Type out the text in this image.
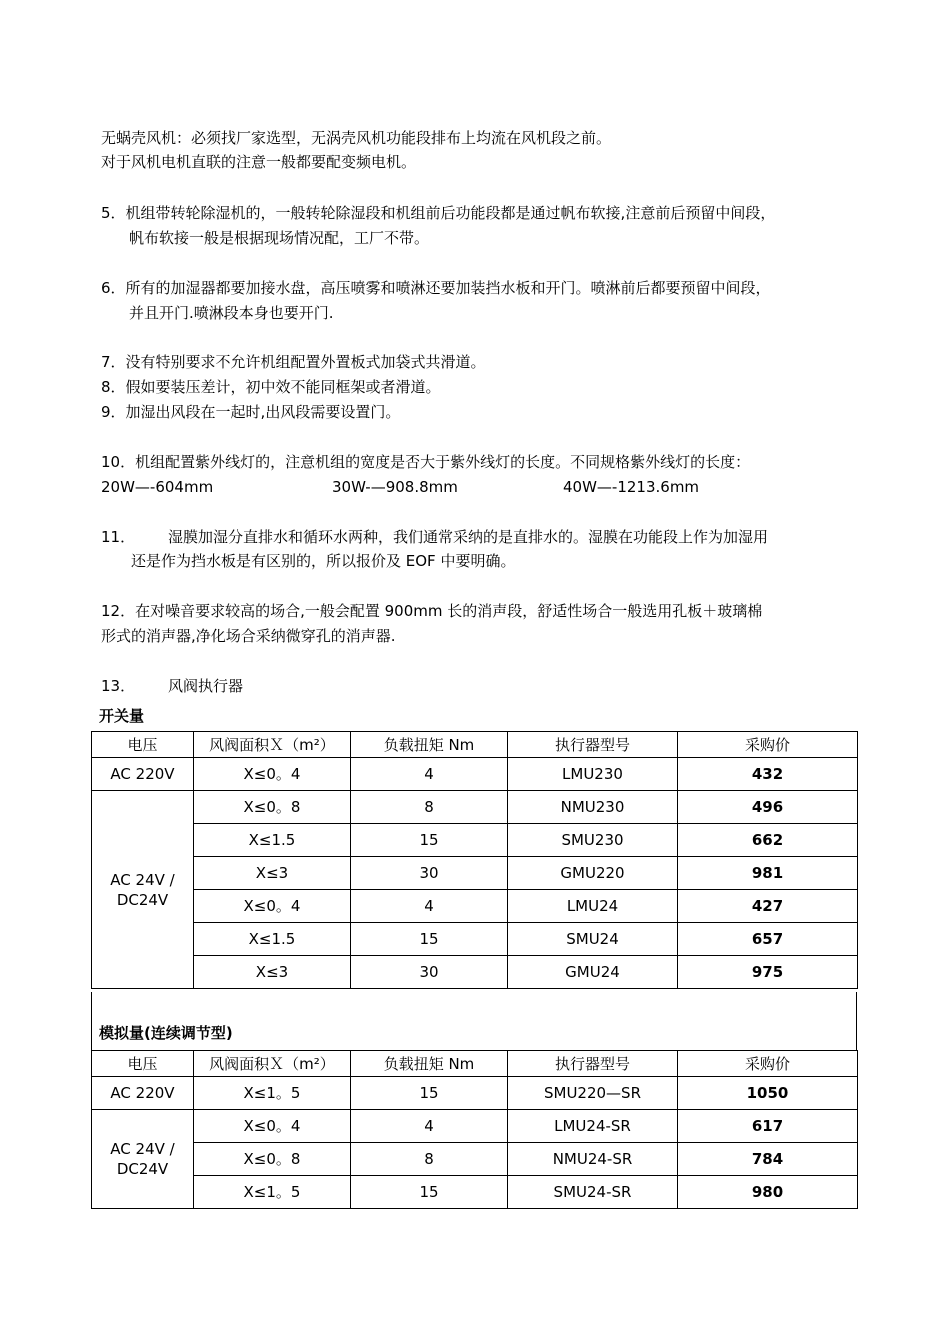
无蜗壳风机：必须找厂家选型，无涡壳风机功能段排布上均流在风机段之前。
对于风机电机直联的注意一般都要配变频电机。
5．机组带转轮除湿机的，一般转轮除湿段和机组前后功能段都是通过帆布软接,注意前后预留中间段，
帆布软接一般是根据现场情况配，工厂不带。
6．所有的加湿器都要加接水盘，高压喷雾和喷淋还要加装挡水板和开门。喷淋前后都要预留中间段，
并且开门.喷淋段本身也要开门.
7．没有特别要求不允许机组配置外置板式加袋式共滑道。
8．假如要装压差计，初中效不能同框架或者滑道。
9．加湿出风段在一起时,出风段需要设置门。
10．机组配置紫外线灯的，注意机组的宽度是否大于紫外线灯的长度。不同规格紫外线灯的长度：
20W—-604mm	30W-—908.8mm	40W—-1213.6mm
11． 湿膜加湿分直排水和循环水两种，我们通常采纳的是直排水的。湿膜在功能段上作为加湿用
还是作为挡水板是有区别的，所以报价及 EOF 中要明确。
12．在对噪音要求较高的场合,一般会配置 900mm 长的消声段，舒适性场合一般选用孔板＋玻璃棉
形式的消声器,净化场合采纳微穿孔的消声器.
13． 风阀执行器
开关量
电压	风阀面积Ｘ（m²）	负载扭矩 Nm	执行器型号	采购价
AC 220V	X≤0。4	4	LMU230	432
AC 24V /
DC24V	X≤0。8	8	NMU230	496
	X≤1.5	15	SMU230	662
	X≤3	30	GMU220	981
	X≤0。4	4	LMU24	427
	X≤1.5	15	SMU24	657
	X≤3	30	GMU24	975
模拟量(连续调节型)
电压	风阀面积Ｘ（m²）	负载扭矩 Nm	执行器型号	采购价
AC 220V	X≤1。5	15	SMU220—SR	1050
AC 24V /
DC24V	X≤0。4	4	LMU24-SR	617
	X≤0。8	8	NMU24-SR	784
	X≤1。5	15	SMU24-SR	980
